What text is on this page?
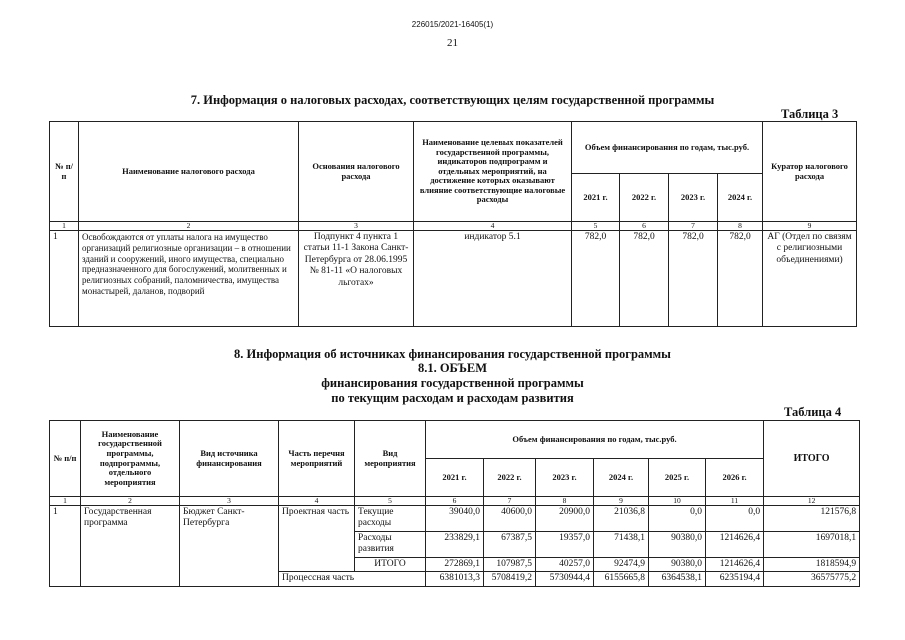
226015/2021-16405(1)
21
7. Информация о налоговых расходах, соответствующих целям государственной программы
Таблица 3
№ п/п	Наименование налогового расхода	Основания налогового расхода	Наименование целевых показателей государственной программы, индикаторов подпрограмм и отдельных мероприятий, на достижение которых оказывают влияние соответствующие налоговые расходы	Объем финансирования по годам, тыс.руб.				Куратор налогового расхода
				2021 г.	2022 г.	2023 г.	2024 г.	
1	2	3	4	5	6	7	8	9
1	Освобождаются от уплаты налога на имущество организаций религиозные организации – в отношении зданий и сооружений, иного имущества, специально предназначенного для богослужений, молитвенных и религиозных собраний, паломничества, имущества монастырей, даланов, подворий	Подпункт 4 пункта 1 статьи 11-1 Закона Санкт-Петербурга от 28.06.1995 № 81-11 «О налоговых льготах»	индикатор 5.1	782,0	782,0	782,0	782,0	АГ (Отдел по связям с религиозными объединениями)
8. Информация об источниках финансирования государственной программы
8.1. ОБЪЕМ
финансирования государственной программы
по текущим расходам и расходам развития
Таблица 4
№ п/п	Наименование государственной программы, подпрограммы, отдельного мероприятия	Вид источника финансирования	Часть перечня мероприятий	Вид мероприятия	Объем финансирования по годам, тыс.руб.						ИТОГО
					2021 г.	2022 г.	2023 г.	2024 г.	2025 г.	2026 г.	
1	2	3	4	5	6	7	8	9	10	11	12
1	Государственная программа	Бюджет Санкт-Петербурга	Проектная часть	Текущие расходы	39040,0	40600,0	20900,0	21036,8	0,0	0,0	121576,8
				Расходы развития	233829,1	67387,5	19357,0	71438,1	90380,0	1214626,4	1697018,1
				ИТОГО	272869,1	107987,5	40257,0	92474,9	90380,0	1214626,4	1818594,9
			Процессная часть		6381013,3	5708419,2	5730944,4	6155665,8	6364538,1	6235194,4	36575775,2
